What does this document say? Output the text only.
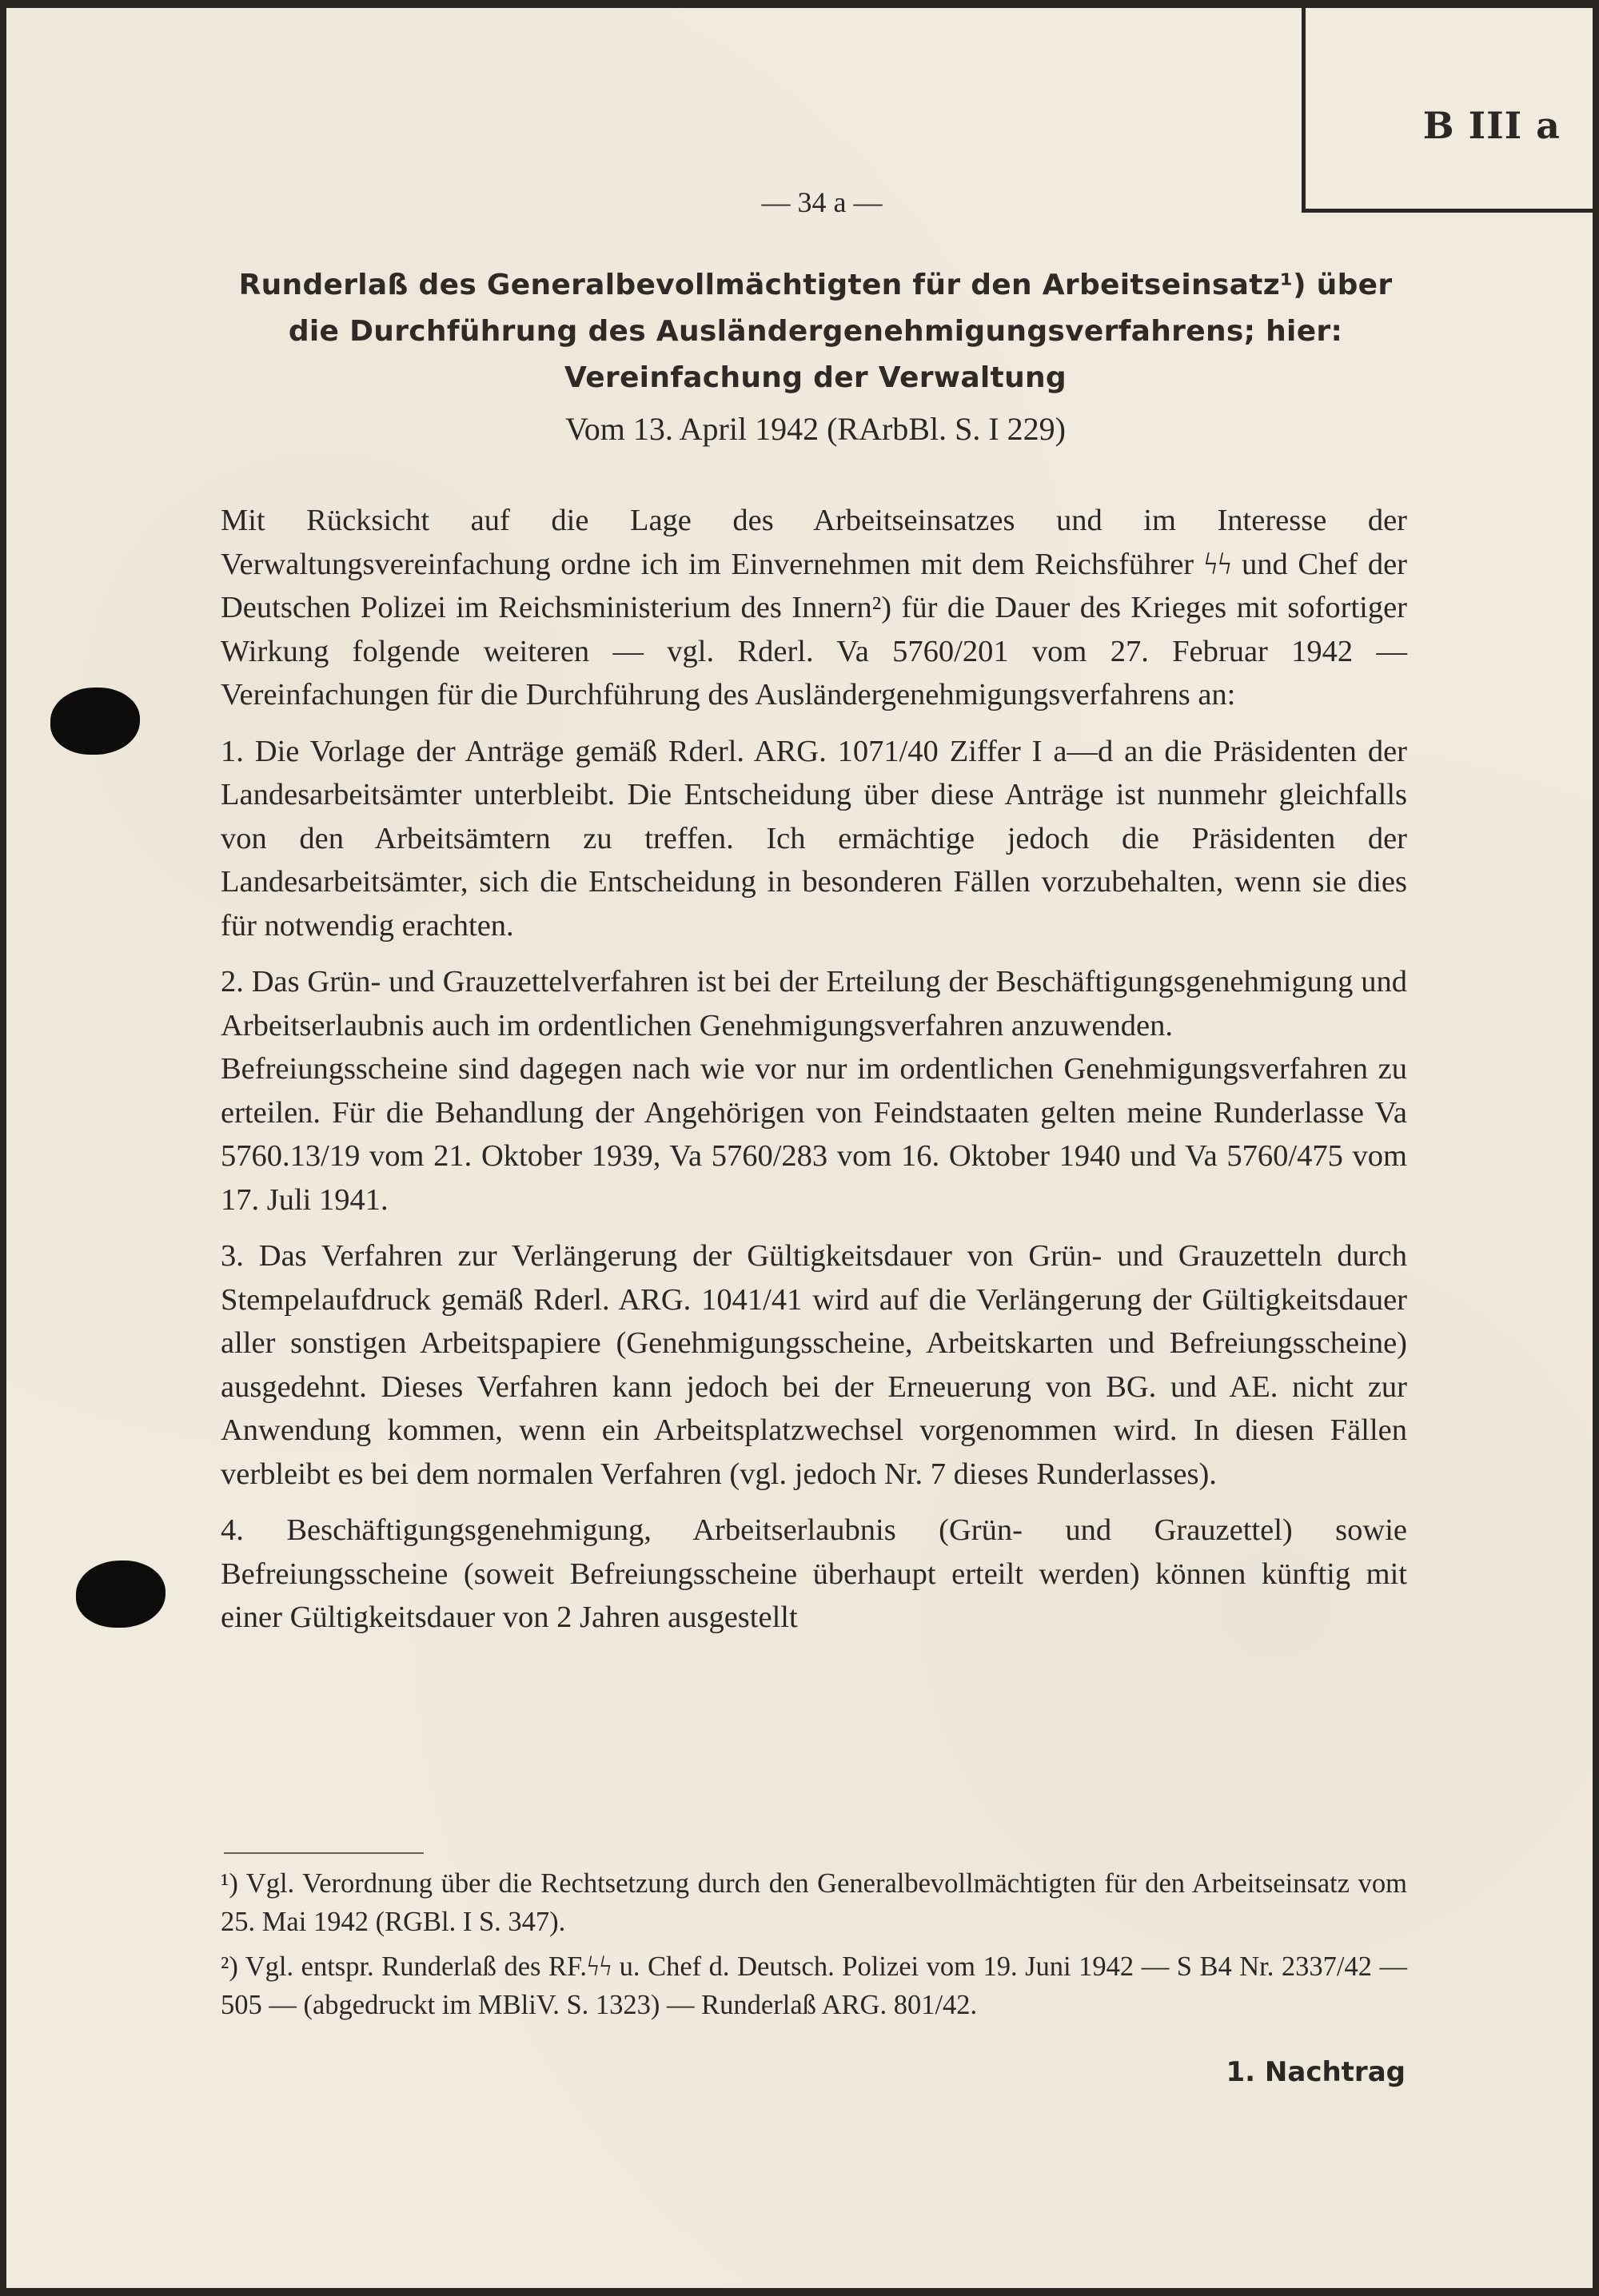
B III a
— 34 a —
Runderlaß des Generalbevollmächtigten für den Arbeitseinsatz¹) über die Durchführung des Ausländergenehmigungsverfahrens; hier: Vereinfachung der Verwaltung
Vom 13. April 1942 (RArbBl. S. I 229)

Mit Rücksicht auf die Lage des Arbeitseinsatzes und im Interesse der Verwaltungsvereinfachung ordne ich im Einvernehmen mit dem Reichsführer ϟϟ und Chef der Deutschen Polizei im Reichsministerium des Innern²) für die Dauer des Krieges mit sofortiger Wirkung folgende weiteren — vgl. Rderl. Va 5760/201 vom 27. Februar 1942 — Vereinfachungen für die Durchführung des Ausländergenehmigungsverfahrens an:

1. Die Vorlage der Anträge gemäß Rderl. ARG. 1071/40 Ziffer I a—d an die Präsidenten der Landesarbeitsämter unterbleibt. Die Entscheidung über diese Anträge ist nunmehr gleichfalls von den Arbeitsämtern zu treffen. Ich ermächtige jedoch die Präsidenten der Landesarbeitsämter, sich die Entscheidung in besonderen Fällen vorzubehalten, wenn sie dies für notwendig erachten.

2. Das Grün- und Grauzettelverfahren ist bei der Erteilung der Beschäftigungsgenehmigung und Arbeitserlaubnis auch im ordentlichen Genehmigungsverfahren anzuwenden.

Befreiungsscheine sind dagegen nach wie vor nur im ordentlichen Genehmigungsverfahren zu erteilen. Für die Behandlung der Angehörigen von Feindstaaten gelten meine Runderlasse Va 5760.13/19 vom 21. Oktober 1939, Va 5760/283 vom 16. Oktober 1940 und Va 5760/475 vom 17. Juli 1941.

3. Das Verfahren zur Verlängerung der Gültigkeitsdauer von Grün- und Grauzetteln durch Stempelaufdruck gemäß Rderl. ARG. 1041/41 wird auf die Verlängerung der Gültigkeitsdauer aller sonstigen Arbeitspapiere (Genehmigungsscheine, Arbeitskarten und Befreiungsscheine) ausgedehnt. Dieses Verfahren kann jedoch bei der Erneuerung von BG. und AE. nicht zur Anwendung kommen, wenn ein Arbeitsplatzwechsel vorgenommen wird. In diesen Fällen verbleibt es bei dem normalen Verfahren (vgl. jedoch Nr. 7 dieses Runderlasses).

4. Beschäftigungsgenehmigung, Arbeitserlaubnis (Grün- und Grauzettel) sowie Befreiungsscheine (soweit Befreiungsscheine überhaupt erteilt werden) können künftig mit einer Gültigkeitsdauer von 2 Jahren ausgestellt

¹) Vgl. Verordnung über die Rechtsetzung durch den Generalbevollmächtigten für den Arbeitseinsatz vom 25. Mai 1942 (RGBl. I S. 347).

²) Vgl. entspr. Runderlaß des RF.ϟϟ u. Chef d. Deutsch. Polizei vom 19. Juni 1942 — S B4 Nr. 2337/42 — 505 — (abgedruckt im MBliV. S. 1323) — Runderlaß ARG. 801/42.

1. Nachtrag
